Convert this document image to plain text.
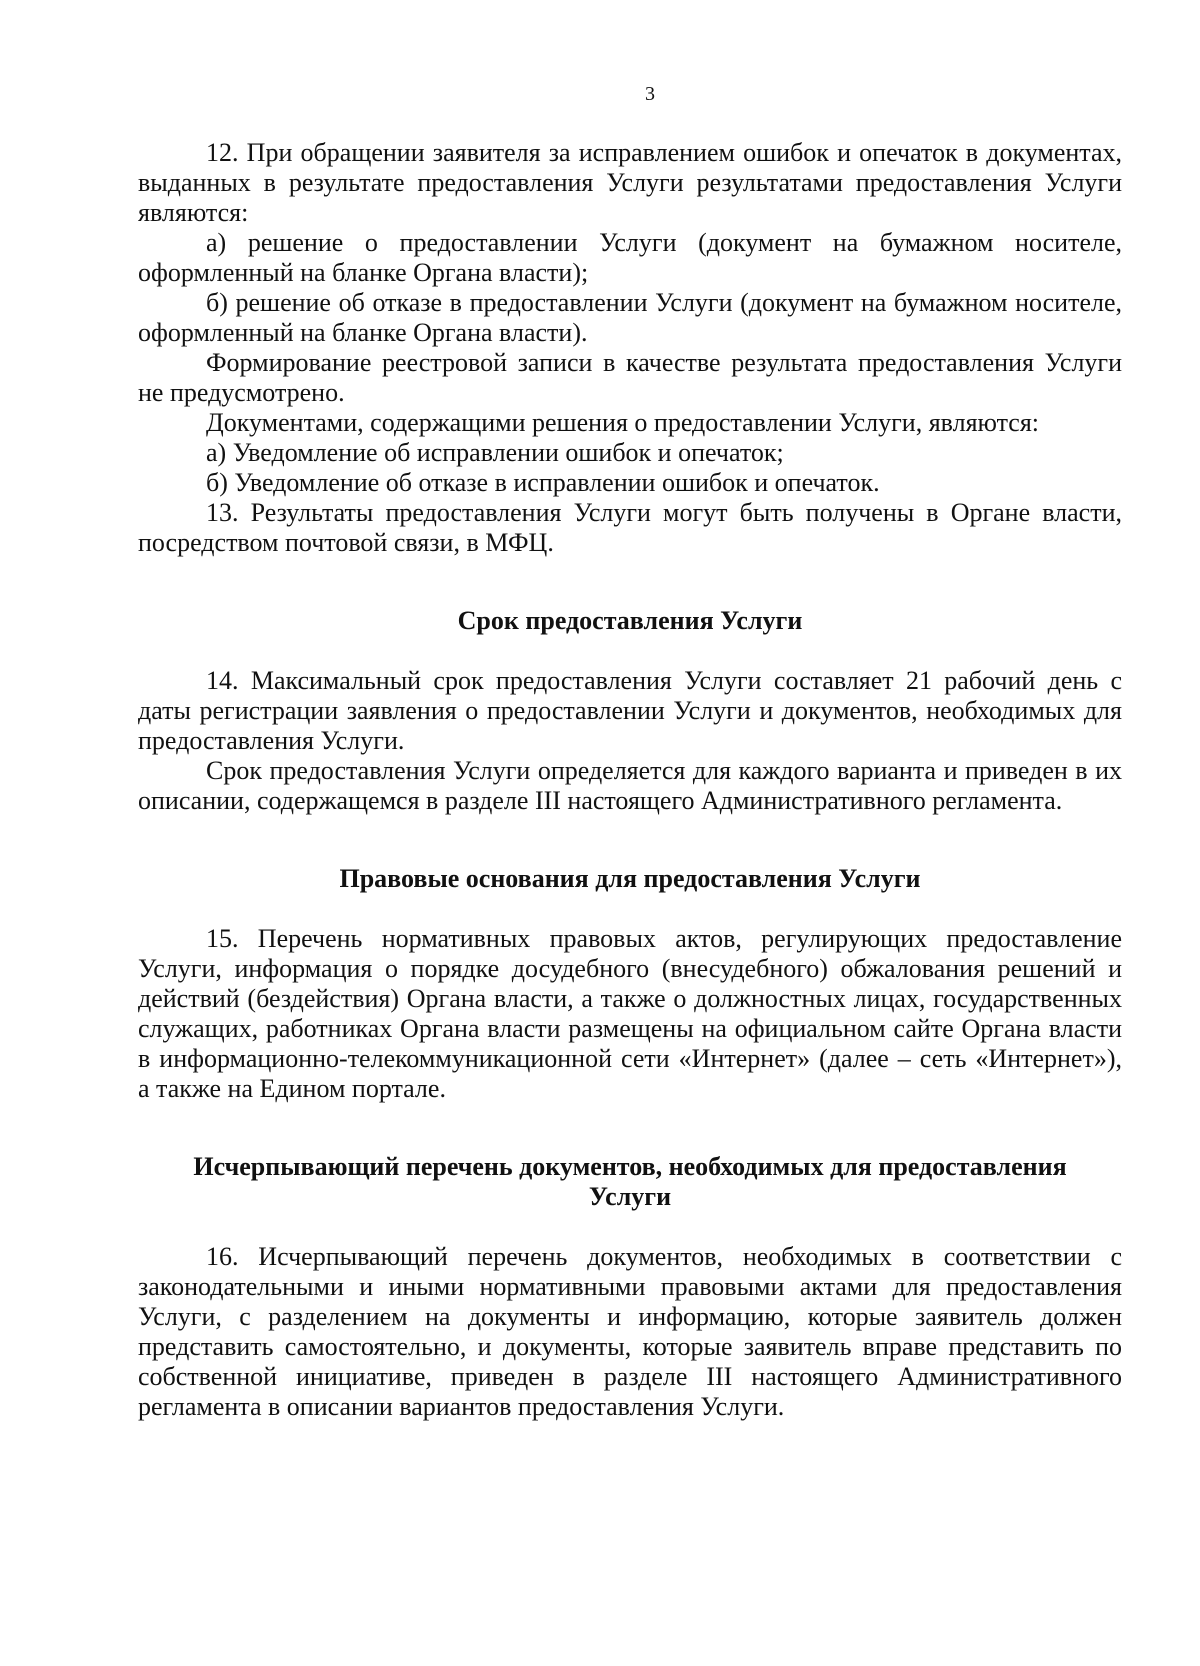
3

12. При обращении заявителя за исправлением ошибок и опечаток в документах, выданных в результате предоставления Услуги результатами предоставления Услуги являются:

а) решение о предоставлении Услуги (документ на бумажном носителе, оформленный на бланке Органа власти);

б) решение об отказе в предоставлении Услуги (документ на бумажном носителе, оформленный на бланке Органа власти).

Формирование реестровой записи в качестве результата предоставления Услуги не предусмотрено.

Документами, содержащими решения о предоставлении Услуги, являются:

а) Уведомление об исправлении ошибок и опечаток;

б) Уведомление об отказе в исправлении ошибок и опечаток.

13. Результаты предоставления Услуги могут быть получены в Органе власти, посредством почтовой связи, в МФЦ.

Срок предоставления Услуги

14. Максимальный срок предоставления Услуги составляет 21 рабочий день с даты регистрации заявления о предоставлении Услуги и документов, необходимых для предоставления Услуги.

Срок предоставления Услуги определяется для каждого варианта и приведен в их описании, содержащемся в разделе III настоящего Административного регламента.

Правовые основания для предоставления Услуги

15. Перечень нормативных правовых актов, регулирующих предоставление Услуги, информация о порядке досудебного (внесудебного) обжалования решений и действий (бездействия) Органа власти, а также о должностных лицах, государственных служащих, работниках Органа власти размещены на официальном сайте Органа власти в информационно-телекоммуникационной сети «Интернет» (далее – сеть «Интернет»), а также на Едином портале.

Исчерпывающий перечень документов, необходимых для предоставления
Услуги

16. Исчерпывающий перечень документов, необходимых в соответствии с законодательными и иными нормативными правовыми актами для предоставления Услуги, с разделением на документы и информацию, которые заявитель должен представить самостоятельно, и документы, которые заявитель вправе представить по собственной инициативе, приведен в разделе III настоящего Административного регламента в описании вариантов предоставления Услуги.
